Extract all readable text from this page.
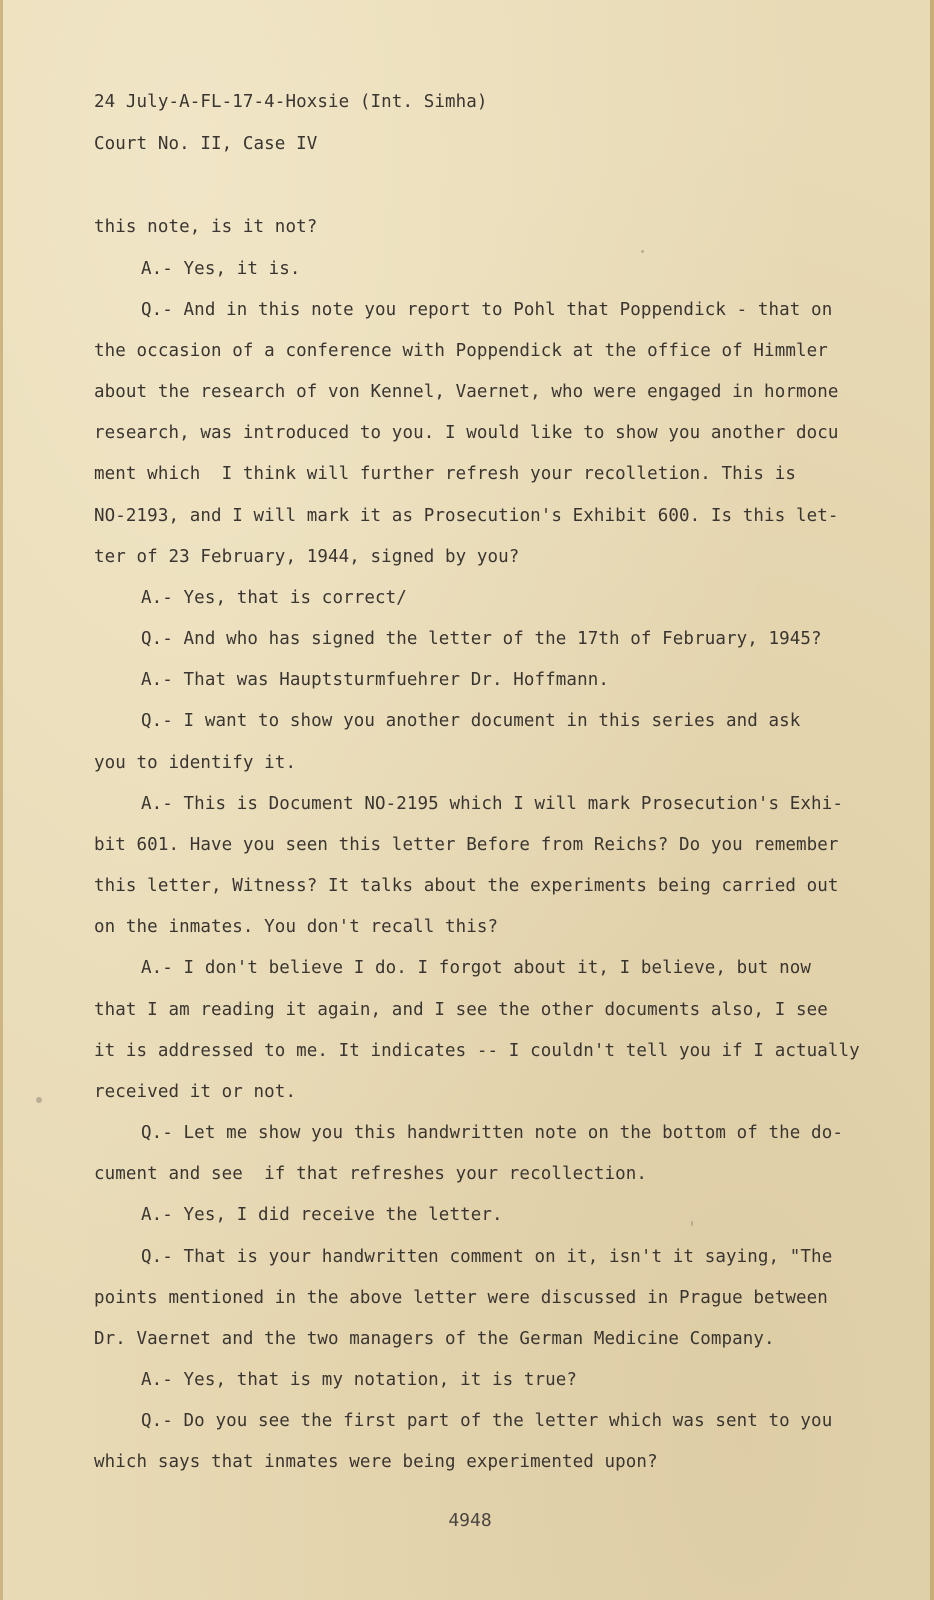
24 July-A-FL-17-4-Hoxsie (Int. Simha)
Court No. II, Case IV
this note, is it not?
A.- Yes, it is.
Q.- And in this note you report to Pohl that Poppendick - that on
the occasion of a conference with Poppendick at the office of Himmler
about the research of von Kennel, Vaernet, who were engaged in hormone
research, was introduced to you. I would like to show you another docu
ment which  I think will further refresh your recolletion. This is
NO-2193, and I will mark it as Prosecution's Exhibit 600. Is this let-
ter of 23 February, 1944, signed by you?
A.- Yes, that is correct/
Q.- And who has signed the letter of the 17th of February, 1945?
A.- That was Hauptsturmfuehrer Dr. Hoffmann.
Q.- I want to show you another document in this series and ask
you to identify it.
A.- This is Document NO-2195 which I will mark Prosecution's Exhi-
bit 601. Have you seen this letter Before from Reichs? Do you remember
this letter, Witness? It talks about the experiments being carried out
on the inmates. You don't recall this?
A.- I don't believe I do. I forgot about it, I believe, but now
that I am reading it again, and I see the other documents also, I see
it is addressed to me. It indicates -- I couldn't tell you if I actually
received it or not.
Q.- Let me show you this handwritten note on the bottom of the do-
cument and see  if that refreshes your recollection.
A.- Yes, I did receive the letter.
Q.- That is your handwritten comment on it, isn't it saying, "The
points mentioned in the above letter were discussed in Prague between
Dr. Vaernet and the two managers of the German Medicine Company.
A.- Yes, that is my notation, it is true?
Q.- Do you see the first part of the letter which was sent to you
which says that inmates were being experimented upon?
4948
